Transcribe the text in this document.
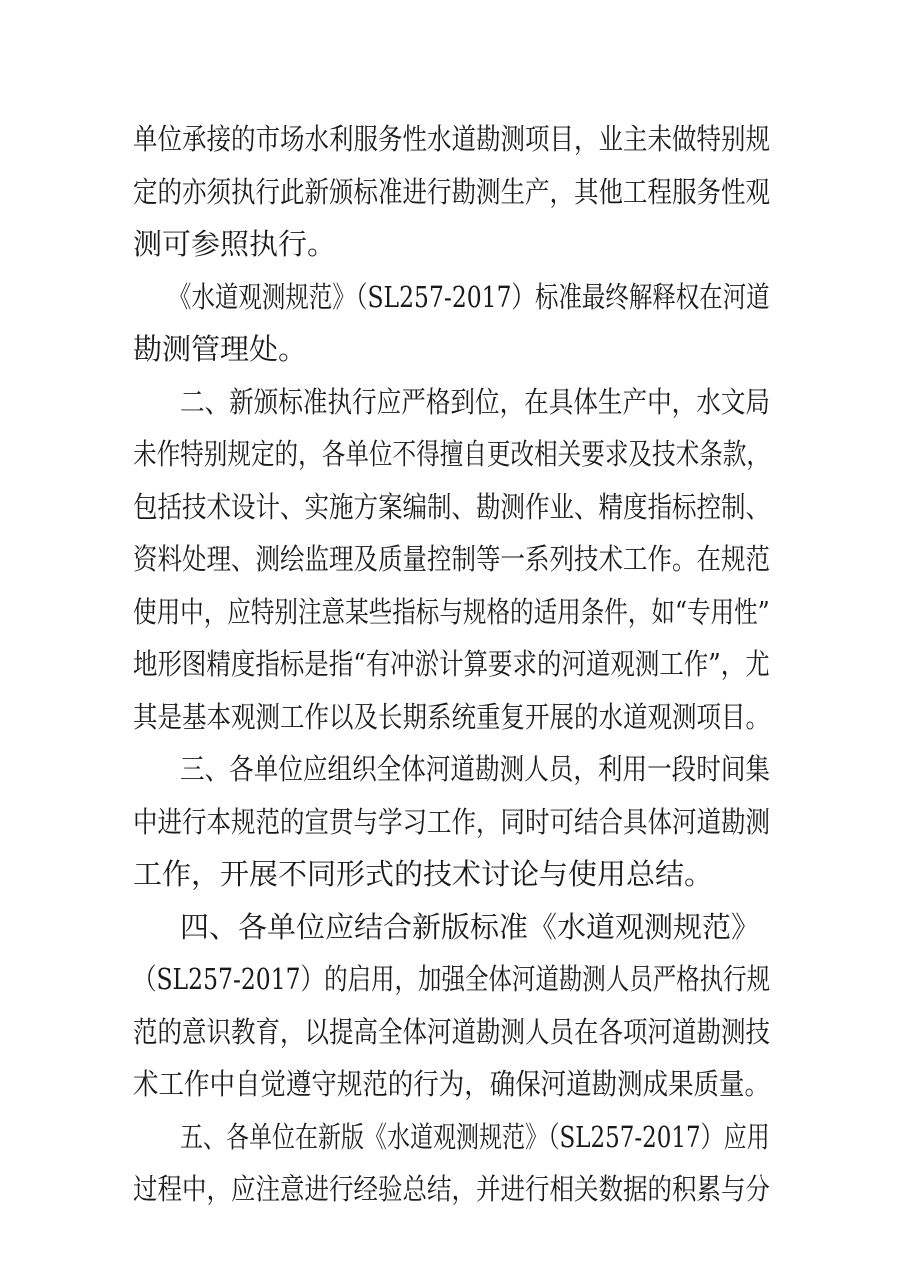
单位承接的市场水利服务性水道勘测项目，业主未做特别规
定的亦须执行此新颁标准进行勘测生产，其他工程服务性观
测可参照执行。
《水道观测规范》（SL257-2017）标准最终解释权在河道
勘测管理处。
二、新颁标准执行应严格到位，在具体生产中，水文局
未作特别规定的，各单位不得擅自更改相关要求及技术条款，
包括技术设计、实施方案编制、勘测作业、精度指标控制、
资料处理、测绘监理及质量控制等一系列技术工作。在规范
使用中，应特别注意某些指标与规格的适用条件，如“专用性”
地形图精度指标是指“有冲淤计算要求的河道观测工作”，尤
其是基本观测工作以及长期系统重复开展的水道观测项目。
三、各单位应组织全体河道勘测人员，利用一段时间集
中进行本规范的宣贯与学习工作，同时可结合具体河道勘测
工作，开展不同形式的技术讨论与使用总结。
四、各单位应结合新版标准《水道观测规范》
（SL257-2017）的启用，加强全体河道勘测人员严格执行规
范的意识教育，以提高全体河道勘测人员在各项河道勘测技
术工作中自觉遵守规范的行为，确保河道勘测成果质量。
五、各单位在新版《水道观测规范》（SL257-2017）应用
过程中，应注意进行经验总结，并进行相关数据的积累与分
